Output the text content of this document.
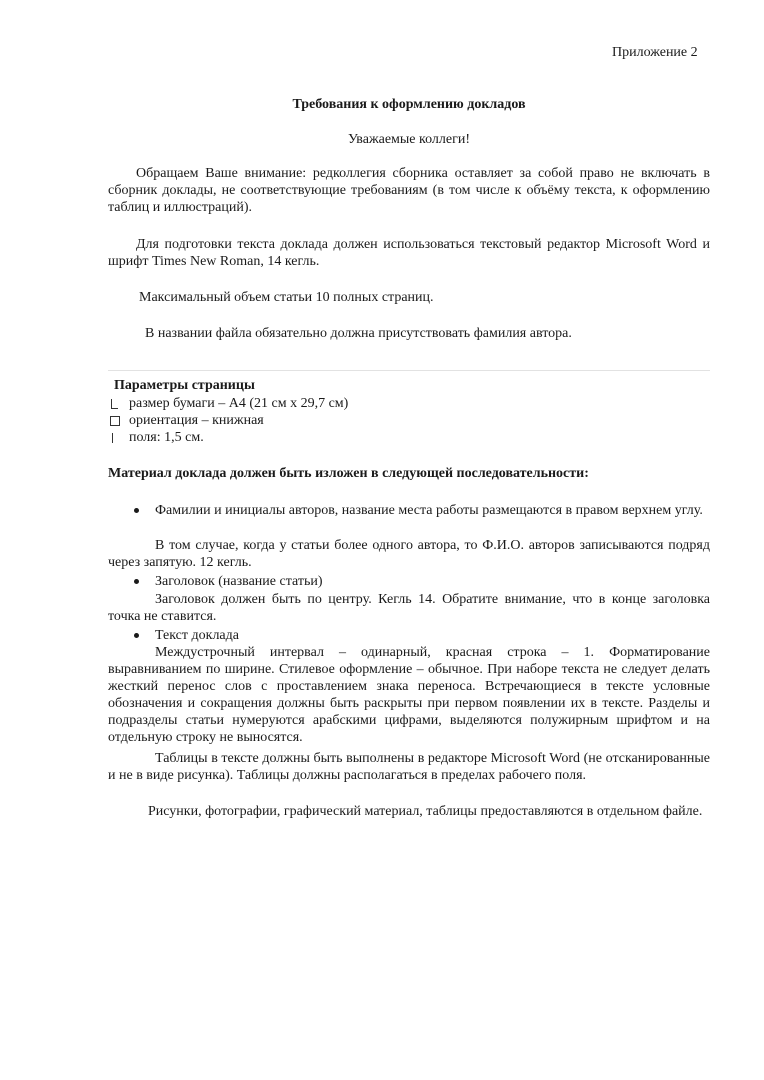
Приложение 2

Требования к оформлению докладов

Уважаемые коллеги!

Обращаем Ваше внимание: редколлегия сборника оставляет за собой право не включать в сборник доклады, не соответствующие требованиям (в том числе к объёму текста, к оформлению таблиц и иллюстраций).

Для подготовки текста доклада должен использоваться текстовый редактор Microsoft Word и шрифт Times New Roman, 14 кегль.

Максимальный объем статьи 10 полных страниц.

В названии файла обязательно должна присутствовать фамилия автора.

Параметры страницы

размер бумаги – А4 (21 см х 29,7 см)

ориентация – книжная

поля: 1,5 см.

Материал доклада должен быть изложен в следующей последовательности:

Фамилии и инициалы авторов, название места работы размещаются в правом верхнем углу.

В том случае, когда у статьи более одного автора, то Ф.И.О. авторов записываются подряд через запятую. 12 кегль.

Заголовок (название статьи)

Заголовок должен быть по центру. Кегль 14. Обратите внимание, что в конце заголовка точка не ставится.

Текст доклада

Междустрочный интервал – одинарный, красная строка – 1. Форматирование выравниванием по ширине. Стилевое оформление – обычное. При наборе текста не следует делать жесткий перенос слов с проставлением знака переноса. Встречающиеся в тексте условные обозначения и сокращения должны быть раскрыты при первом появлении их в тексте. Разделы и подразделы статьи нумеруются арабскими цифрами, выделяются полужирным шрифтом и на отдельную строку не выносятся.

Таблицы в тексте должны быть выполнены в редакторе Microsoft Word (не отсканированные и не в виде рисунка). Таблицы должны располагаться в пределах рабочего поля.

Рисунки, фотографии, графический материал, таблицы предоставляются в отдельном файле.
